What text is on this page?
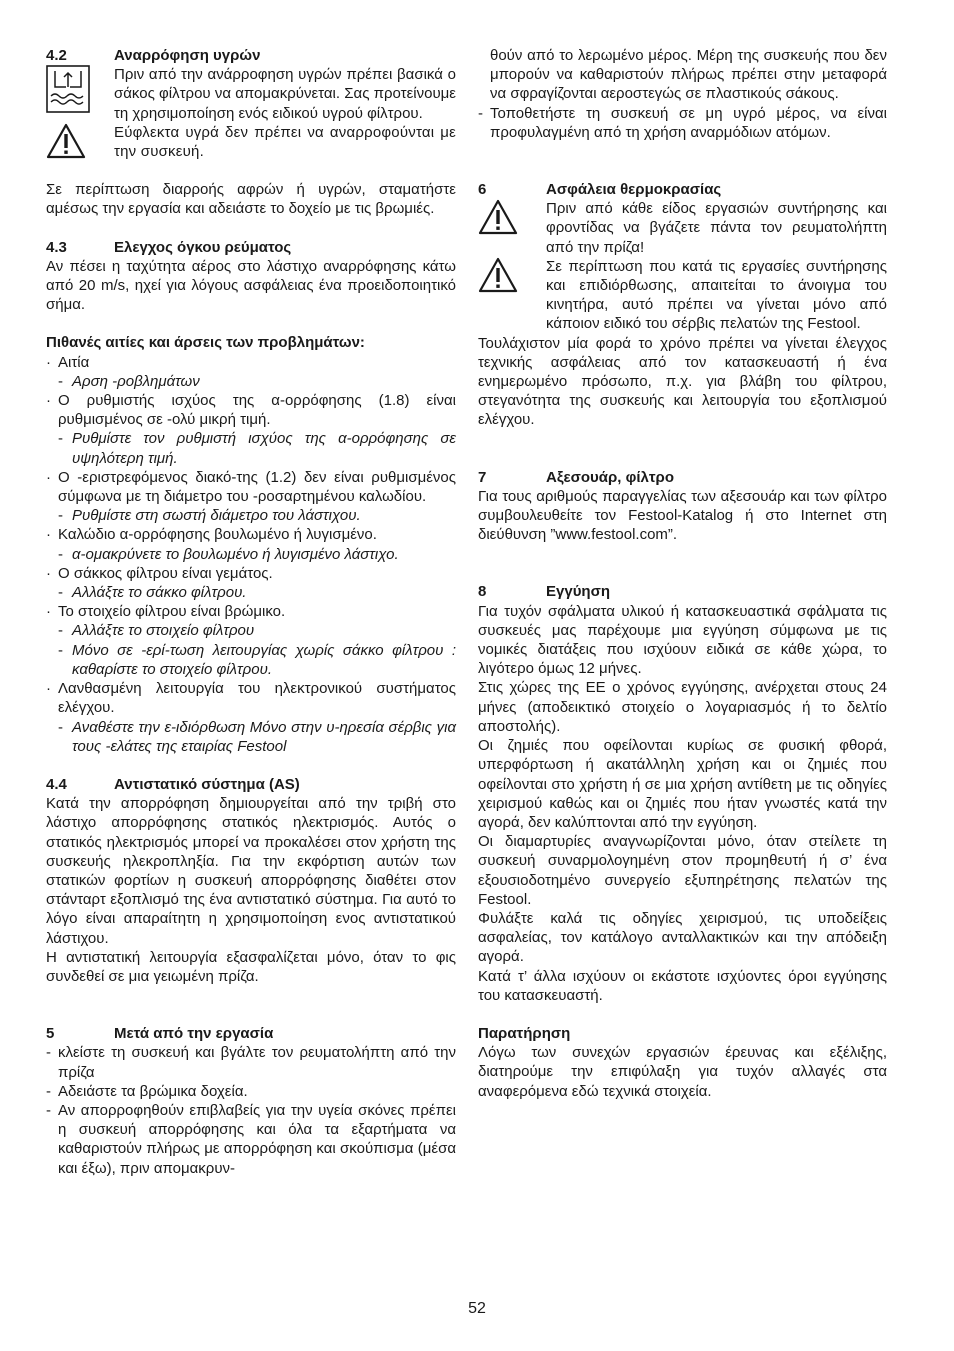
4.2	Αναρρόφηση υγρών

Πριν από την ανάρροφηση υγρών πρέπει βασικά ο σάκος φίλτρου να απομακρύνεται. Σας προτείνουμε τη χρησιμοποίηση ενός ειδικού υγρού φίλτρου.

Εύφλεκτα υγρά δεν πρέπει να αναρροφούνται με την συσκευή.

Σε περίπτωση διαρροής αφρών ή υγρών, σταματήστε αμέσως την εργασία και αδειάστε το δοχείο με τις βρωμιές.

4.3	Ελεγχος όγκου ρεύματος

Αν πέσει η ταχύτητα αέρος στο λάστιχο αναρρόφησης κάτω από 20 m/s, ηχεί για λόγους ασφάλειας ένα προειδοποιητικό σήμα.

Πιθανές αιτίες και άρσεις των προβλημάτων:

· Αιτία
- Αρση -ροβλημάτων
· Ο ρυθμιστής ισχύος της α-ορρόφησης (1.8) είναι ρυθμισμένος σε -ολύ μικρή τιμή.
- Ρυθμίστε τον ρυθμιστή ισχύος της α-ορρόφησης σε υψηλότερη τιμή.
· Ο -εριστρεφόμενος διακό-της (1.2) δεν είναι ρυθμισμένος σύμφωνα με τη διάμετρο του -ροσαρτημένου καλωδίου.
- Ρυθμίστε στη σωστή διάμετρο του λάστιχου.
· Καλώδιο α-ορρόφησης βουλωμένο ή λυγισμένο.
- α-ομακρύνετε το βουλωμένο ή λυγισμένο λάστιχο.
· Ο σάκκος φίλτρου είναι γεμάτος.
- Αλλάξτε το σάκκο φίλτρου.
· Το στοιχείο φίλτρου είναι βρώμικο.
- Αλλάξτε το στοιχείο φίλτρου
- Μόνο σε -ερί-τωση λειτουργίας χωρίς σάκκο φίλτρου : καθαρίστε το στοιχείο φίλτρου.
· Λανθασμένη λειτουργία του ηλεκτρονικού συστήματος ελέγχου.
- Αναθέστε την ε-ιδιόρθωση Μόνο στην υ-ηρεσία σέρβις για τους -ελάτες της εταιρίας Festool
4.4	Αντιστατικό σύστημα (AS)

Κατά την απορρόφηση δημιουργείται από την τριβή στο λάστιχο απορρόφησης στατικός ηλεκτρισμός. Αυτός ο στατικός ηλεκτρισμός μπορεί να προκαλέσει στον χρήστη της συσκευής ηλεκροπληξία. Για την εκφόρτιση αυτών των στατικών φορτίων η συσκευή απορρόφησης διαθέτει στον στάνταρτ εξοπλισμό της ένα αντιστατικό σύστημα. Για αυτό το λόγο είναι απαραίτητη η χρησιμοποίηση ενος αντιστατικού λάστιχου.

Η αντιστατική λειτουργία εξασφαλίζεται μόνο, όταν το φις συνδεθεί σε μια γειωμένη πρίζα.

5	Μετά από την εργασία
- κλείστε τη συσκευή και βγάλτε τον ρευματολήπτη από την πρίζα
- Αδειάστε τα βρώμικα δοχεία.
- Αν απορροφηθούν επιβλαβείς για την υγεία σκόνες πρέπει η συσκευή απορρόφησης και όλα τα εξαρτήματα να καθαριστούν πλήρως με απορρόφηση και σκούπισμα (μέσα και έξω), πριν απομακρυν-
θούν από το λερωμένο μέρος. Μέρη της συσκευής που δεν μπορούν να καθαριστούν πλήρως πρέπει στην μεταφορά να σφραγίζονται αεροστεγώς σε πλαστικούς σάκους.
- Τοποθετήστε τη συσκευή σε μη υγρό μέρος, να είναι προφυλαγμένη από τη χρήση αναρμόδιων ατόμων.
6	Ασφάλεια θερμοκρασίας

Πριν από κάθε είδος εργασιών συντήρησης και φροντίδας να βγάζετε πάντα τον ρευματολήπτη από την πρίζα!

Σε περίπτωση που κατά τις εργασίες συντήρησης και επιδιόρθωσης, απαιτείται το άνοιγμα του κινητήρα, αυτό πρέπει να γίνεται μόνο από κάποιον ειδικό του σέρβις πελατών της Festool.

Τουλάχιστον μία φορά το χρόνο πρέπει να γίνεται έλεγχος τεχνικής ασφάλειας από τον κατασκευαστή ή ένα ενημερωμένο πρόσωπο, π.χ. για βλάβη του φίλτρου, στεγανότητα της συσκευής και λειτουργία του εξοπλισμού ελέγχου.

7	Αξεσουάρ, φίλτρο

Για τους αριθμούς παραγγελίας των αξεσουάρ και των φίλτρο συμβουλευθείτε τον Festool-Katalog ή στο Internet στη διεύθυνση ”www.festool.com”.

8	Εγγύηση

Για τυχόν σφάλματα υλικού ή κατασκευαστικά σφάλματα τις συσκευές μας παρέχουμε μια εγγύηση σύμφωνα με τις νομικές διατάξεις που ισχύουν ειδικά σε κάθε χώρα, το λιγότερο όμως 12 μήνες.

Στις χώρες της ΕΕ ο χρόνος εγγύησης, ανέρχεται στους 24 μήνες (αποδεικτικό στοιχείο ο λογαριασμός ή το δελτίο αποστολής).

Οι ζημιές που οφείλονται κυρίως σε φυσική φθορά, υπερφόρτωση ή ακατάλληλη χρήση και οι ζημιές που οφείλονται στο χρήστη ή σε μια χρήση αντίθετη με τις οδηγίες χειρισμού καθώς και οι ζημιές που ήταν γνωστές κατά την αγορά, δεν καλύπτονται από την εγγύηση.

Οι διαμαρτυρίες αναγνωρίζονται μόνο, όταν στείλετε τη συσκευή συναρμολογημένη στον προμηθευτή ή σ’ ένα εξουσιοδοτημένο συνεργείο εξυπηρέτησης πελατών της Festool.

Φυλάξτε καλά τις οδηγίες χειρισμού, τις υποδείξεις ασφαλείας, τον κατάλογο ανταλλακτικών και την απόδειξη αγορά.

Κατά τ’ άλλα ισχύουν οι εκάστοτε ισχύοντες όροι εγγύησης του κατασκευαστή.

Παρατήρηση

Λόγω των συνεχών εργασιών έρευνας και εξέλιξης, διατηρούμε την επιφύλαξη για τυχόν αλλαγές στα αναφερόμενα εδώ τεχνικά στοιχεία.

52
